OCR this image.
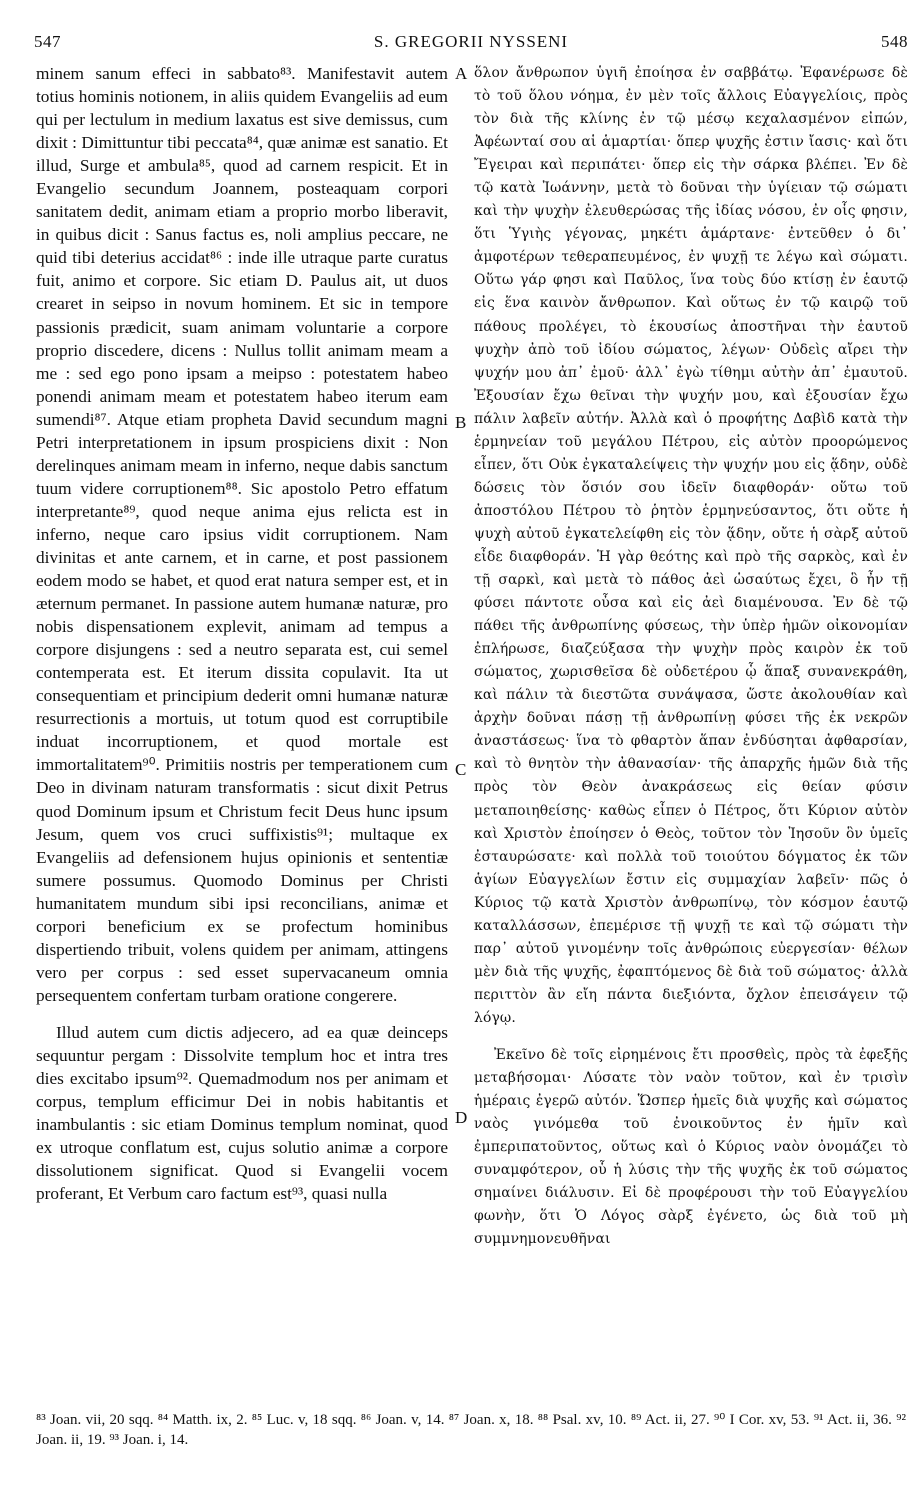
547	S. GREGORII NYSSENI	548

minem sanum effeci in sabbato⁸³. Manifestavit autem totius hominis notionem, in aliis quidem Evangeliis ad eum qui per lectulum in medium laxatus est sive demissus, cum dixit : Dimittuntur tibi peccata⁸⁴, quæ animæ est sanatio. Et illud, Surge et ambula⁸⁵, quod ad carnem respicit. Et in Evangelio secundum Joannem, posteaquam corpori sanitatem dedit, animam etiam a proprio morbo liberavit, in quibus dicit : Sanus factus es, noli amplius peccare, ne quid tibi deterius accidat⁸⁶ : inde ille utraque parte curatus fuit, animo et corpore. Sic etiam D. Paulus ait, ut duos crearet in seipso in novum hominem. Et sic in tempore passionis prædicit, suam animam voluntarie a corpore proprio discedere, dicens : Nullus tollit animam meam a me : sed ego pono ipsam a meipso : potestatem habeo ponendi animam meam et potestatem habeo iterum eam sumendi⁸⁷. Atque etiam propheta David secundum magni Petri interpretationem in ipsum prospiciens dixit : Non derelinques animam meam in inferno, neque dabis sanctum tuum videre corruptionem⁸⁸. Sic apostolo Petro effatum interpretante⁸⁹, quod neque anima ejus relicta est in inferno, neque caro ipsius vidit corruptionem. Nam divinitas et ante carnem, et in carne, et post passionem eodem modo se habet, et quod erat natura semper est, et in æternum permanet. In passione autem humanæ naturæ, pro nobis dispensationem explevit, animam ad tempus a corpore disjungens : sed a neutro separata est, cui semel contemperata est. Et iterum dissita copulavit. Ita ut consequentiam et principium dederit omni humanæ naturæ resurrectionis a mortuis, ut totum quod est corruptibile induat incorruptionem, et quod mortale est immortalitatem⁹⁰. Primitiis nostris per temperationem cum Deo in divinam naturam transformatis : sicut dixit Petrus quod Dominum ipsum et Christum fecit Deus hunc ipsum Jesum, quem vos cruci suffixistis⁹¹; multaque ex Evangeliis ad defensionem hujus opinionis et sententiæ sumere possumus. Quomodo Dominus per Christi humanitatem mundum sibi ipsi reconcilians, animæ et corpori beneficium ex se profectum hominibus dispertiendo tribuit, volens quidem per animam, attingens vero per corpus : sed esset supervacaneum omnia persequentem confertam turbam oratione congerere.

Illud autem cum dictis adjecero, ad ea quæ deinceps sequuntur pergam : Dissolvite templum hoc et intra tres dies excitabo ipsum⁹². Quemadmodum nos per animam et corpus, templum efficimur Dei in nobis habitantis et inambulantis : sic etiam Dominus templum nominat, quod ex utroque conflatum est, cujus solutio animæ a corpore dissolutionem significat. Quod si Evangelii vocem proferant, Et Verbum caro factum est⁹³, quasi nulla

A
B
C
D

ὅλον ἄνθρωπον ὑγιῆ ἐποίησα ἐν σαββάτῳ. Ἐφανέρωσε δὲ τὸ τοῦ ὅλου νόημα, ἐν μὲν τοῖς ἄλλοις Εὐαγγελίοις, πρὸς τὸν διὰ τῆς κλίνης ἐν τῷ μέσῳ κεχαλασμένον εἰπών, Ἀφέωνταί σου αἱ ἁμαρτίαι· ὅπερ ψυχῆς ἐστιν ἴασις· καὶ ὅτι Ἔγειραι καὶ περιπάτει· ὅπερ εἰς τὴν σάρκα βλέπει. Ἐν δὲ τῷ κατὰ Ἰωάννην, μετὰ τὸ δοῦναι τὴν ὑγίειαν τῷ σώματι καὶ τὴν ψυχὴν ἐλευθερώσας τῆς ἰδίας νόσου, ἐν οἷς φησιν, ὅτι Ὑγιὴς γέγονας, μηκέτι ἁμάρτανε· ἐντεῦθεν ὁ δι᾽ ἀμφοτέρων τεθεραπευμένος, ἐν ψυχῇ τε λέγω καὶ σώματι. Οὕτω γάρ φησι καὶ Παῦλος, ἵνα τοὺς δύο κτίσῃ ἐν ἑαυτῷ εἰς ἕνα καινὸν ἄνθρωπον. Καὶ οὕτως ἐν τῷ καιρῷ τοῦ πάθους προλέγει, τὸ ἑκουσίως ἀποστῆναι τὴν ἑαυτοῦ ψυχὴν ἀπὸ τοῦ ἰδίου σώματος, λέγων· Οὐδεὶς αἴρει τὴν ψυχήν μου ἀπ᾽ ἐμοῦ· ἀλλ᾽ ἐγὼ τίθημι αὐτὴν ἀπ᾽ ἐμαυτοῦ. Ἐξουσίαν ἔχω θεῖναι τὴν ψυχήν μου, καὶ ἐξουσίαν ἔχω πάλιν λαβεῖν αὐτήν. Ἀλλὰ καὶ ὁ προφήτης Δαβὶδ κατὰ τὴν ἑρμηνείαν τοῦ μεγάλου Πέτρου, εἰς αὐτὸν προορώμενος εἶπεν, ὅτι Οὐκ ἐγκαταλείψεις τὴν ψυχήν μου εἰς ᾅδην, οὐδὲ δώσεις τὸν ὅσιόν σου ἰδεῖν διαφθοράν· οὕτω τοῦ ἀποστόλου Πέτρου τὸ ῥητὸν ἑρμηνεύσαντος, ὅτι οὔτε ἡ ψυχὴ αὐτοῦ ἐγκατελείφθη εἰς τὸν ᾅδην, οὔτε ἡ σὰρξ αὐτοῦ εἶδε διαφθοράν. Ἡ γὰρ θεότης καὶ πρὸ τῆς σαρκὸς, καὶ ἐν τῇ σαρκὶ, καὶ μετὰ τὸ πάθος ἀεὶ ὡσαύτως ἔχει, ὃ ἦν τῇ φύσει πάντοτε οὖσα καὶ εἰς ἀεὶ διαμένουσα. Ἐν δὲ τῷ πάθει τῆς ἀνθρωπίνης φύσεως, τὴν ὑπὲρ ἡμῶν οἰκονομίαν ἐπλήρωσε, διαζεύξασα τὴν ψυχὴν πρὸς καιρὸν ἐκ τοῦ σώματος, χωρισθεῖσα δὲ οὐδετέρου ᾧ ἅπαξ συνανεκράθη, καὶ πάλιν τὰ διεστῶτα συνάψασα, ὥστε ἀκολουθίαν καὶ ἀρχὴν δοῦναι πάσῃ τῇ ἀνθρωπίνῃ φύσει τῆς ἐκ νεκρῶν ἀναστάσεως· ἵνα τὸ φθαρτὸν ἅπαν ἐνδύσηται ἀφθαρσίαν, καὶ τὸ θνητὸν τὴν ἀθανασίαν· τῆς ἀπαρχῆς ἡμῶν διὰ τῆς πρὸς τὸν Θεὸν ἀνακράσεως εἰς θείαν φύσιν μεταποιηθείσης· καθὼς εἶπεν ὁ Πέτρος, ὅτι Κύριον αὐτὸν καὶ Χριστὸν ἐποίησεν ὁ Θεὸς, τοῦτον τὸν Ἰησοῦν ὃν ὑμεῖς ἐσταυρώσατε· καὶ πολλὰ τοῦ τοιούτου δόγματος ἐκ τῶν ἁγίων Εὐαγγελίων ἔστιν εἰς συμμαχίαν λαβεῖν· πῶς ὁ Κύριος τῷ κατὰ Χριστὸν ἀνθρωπίνῳ, τὸν κόσμον ἑαυτῷ καταλλάσσων, ἐπεμέρισε τῇ ψυχῇ τε καὶ τῷ σώματι τὴν παρ᾽ αὐτοῦ γινομένην τοῖς ἀνθρώποις εὐεργεσίαν· θέλων μὲν διὰ τῆς ψυχῆς, ἐφαπτόμενος δὲ διὰ τοῦ σώματος· ἀλλὰ περιττὸν ἂν εἴη πάντα διεξιόντα, ὄχλον ἐπεισάγειν τῷ λόγῳ.

Ἐκεῖνο δὲ τοῖς εἰρημένοις ἔτι προσθεὶς, πρὸς τὰ ἐφεξῆς μεταβήσομαι· Λύσατε τὸν ναὸν τοῦτον, καὶ ἐν τρισὶν ἡμέραις ἐγερῶ αὐτόν. Ὥσπερ ἡμεῖς διὰ ψυχῆς καὶ σώματος ναὸς γινόμεθα τοῦ ἐνοικοῦντος ἐν ἡμῖν καὶ ἐμπεριπατοῦντος, οὕτως καὶ ὁ Κύριος ναὸν ὀνομάζει τὸ συναμφότερον, οὗ ἡ λύσις τὴν τῆς ψυχῆς ἐκ τοῦ σώματος σημαίνει διάλυσιν. Εἰ δὲ προφέρουσι τὴν τοῦ Εὐαγγελίου φωνὴν, ὅτι Ὁ Λόγος σὰρξ ἐγένετο, ὡς διὰ τοῦ μὴ συμμνημονευθῆναι

⁸³ Joan. vii, 20 sqq. ⁸⁴ Matth. ix, 2. ⁸⁵ Luc. v, 18 sqq. ⁸⁶ Joan. v, 14. ⁸⁷ Joan. x, 18. ⁸⁸ Psal. xv, 10. ⁸⁹ Act. ii, 27. ⁹⁰ I Cor. xv, 53. ⁹¹ Act. ii, 36. ⁹² Joan. ii, 19. ⁹³ Joan. i, 14.
